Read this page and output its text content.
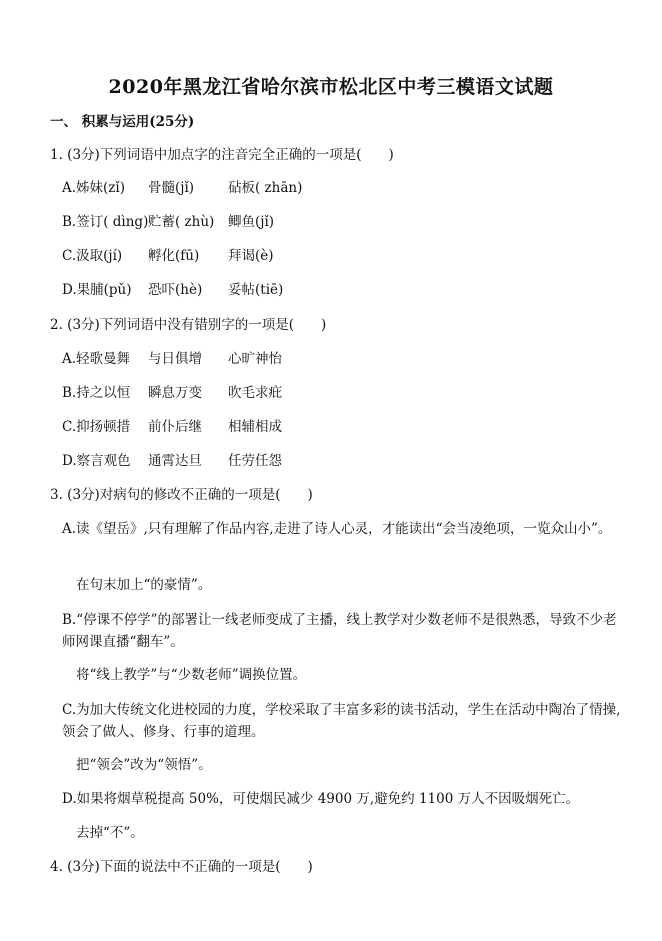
2020年黑龙江省哈尔滨市松北区中考三模语文试题
一、 积累与运用(25分)
1. (3分)下列词语中加点字的注音完全正确的一项是(　　)
A.姊妹(zǐ) 骨髓(jǐ)	砧板( zhān)
B.签订( dìng)贮蓄( zhù) 鲫鱼(jǐ)
C.汲取(jí) 孵化(fū) 拜谒(è)
D.果脯(pǔ) 恐吓(hè) 妥帖(tiē)
2. (3分)下列词语中没有错别字的一项是(　　)
A.轻歌曼舞 与日俱增 心旷神怡
B.持之以恒 瞬息万变 吹毛求疪
C.抑扬顿措 前仆后继 相辅相成
D.察言观色 通霄达旦 任劳任怨
3. (3分)对病句的修改不正确的一项是(　　)
A.读《望岳》,只有理解了作品内容,走进了诗人心灵，才能读出“会当凌绝项，一览众山小”。
在句末加上“的豪情”。
B.“停课不停学”的部署让一线老师变成了主播，线上教学对少数老师不是很熟悉，导致不少老师网课直播“翻车”。
将“线上教学”与“少数老师”调换位置。
C.为加大传统文化进校园的力度，学校采取了丰富多彩的读书活动，学生在活动中陶冶了情操,领会了做人、修身、行事的道理。
把“领会”改为“领悟”。
D.如果将烟草税提高 50%，可使烟民减少 4900 万,避免约 1100 万人不因吸烟死亡。
去掉“不”。
4. (3分)下面的说法中不正确的一项是(　　)
